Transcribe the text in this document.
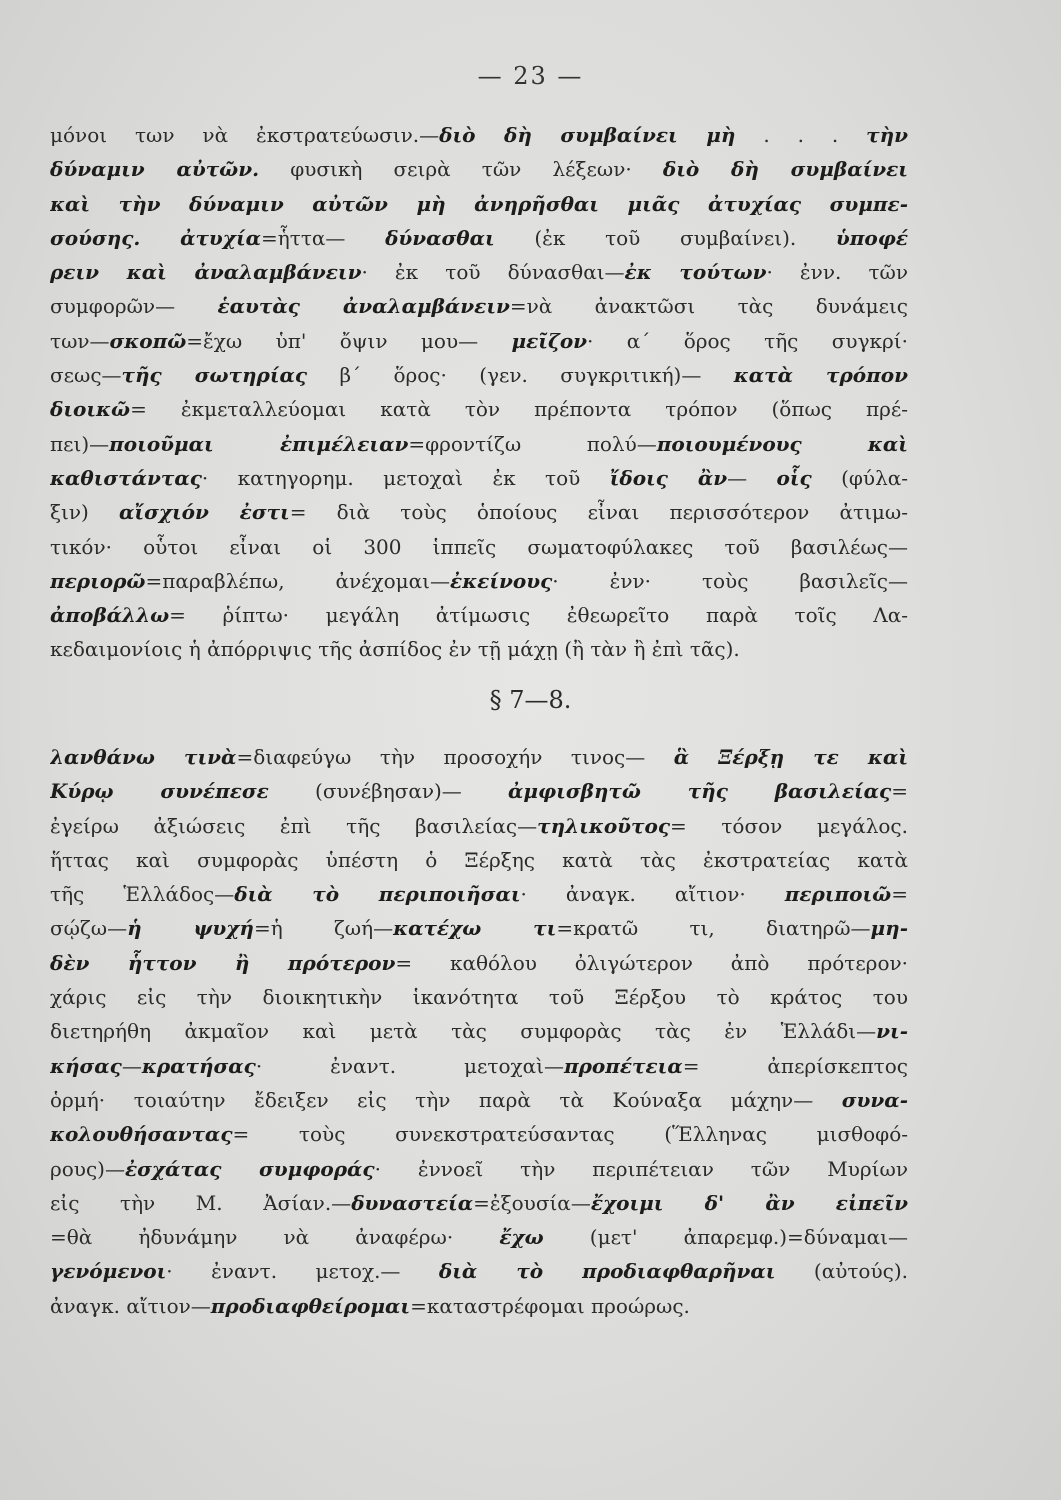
— 23 —
μόνοι των νὰ ἐκστρατεύωσιν.—διὸ δὴ συμβαίνει μὴ . . . τὴν
δύναμιν αὐτῶν. φυσικὴ σειρὰ τῶν λέξεων· διὸ δὴ συμβαίνει
καὶ τὴν δύναμιν αὐτῶν μὴ ἀνηρῆσθαι μιᾶς ἀτυχίας συμπε-
σούσης. ἀτυχία=ἧττα— δύνασθαι (ἐκ τοῦ συμβαίνει). ὑποφέ
ρειν καὶ ἀναλαμβάνειν· ἐκ τοῦ δύνασθαι—ἐκ τούτων· ἐνν. τῶν
συμφορῶν— ἑαυτὰς ἀναλαμβάνειν=νὰ ἀνακτῶσι τὰς δυνάμεις
των—σκοπῶ=ἔχω ὑπ' ὄψιν μου— μεῖζον· α΄ ὅρος τῆς συγκρί·
σεως—τῆς σωτηρίας β΄ ὅρος· (γεν. συγκριτική)— κατὰ τρόπον
διοικῶ= ἐκμεταλλεύομαι κατὰ τὸν πρέποντα τρόπον (ὅπως πρέ-
πει)—ποιοῦμαι ἐπιμέλειαν=φροντίζω πολύ—ποιουμένους καὶ
καθιστάντας· κατηγορημ. μετοχαὶ ἐκ τοῦ ἴδοις ἂν— οἷς (φύλα-
ξιν) αἴσχιόν ἐστι= διὰ τοὺς ὁποίους εἶναι περισσότερον ἀτιμω-
τικόν· οὗτοι εἶναι οἱ 300 ἱππεῖς σωματοφύλακες τοῦ βασιλέως—
περιορῶ=παραβλέπω, ἀνέχομαι—ἐκείνους· ἐνν· τοὺς βασιλεῖς—
ἀποβάλλω= ῥίπτω· μεγάλη ἀτίμωσις ἐθεωρεῖτο παρὰ τοῖς Λα-
κεδαιμονίοις ἡ ἀπόρριψις τῆς ἀσπίδος ἐν τῇ μάχῃ (ἢ τὰν ἢ ἐπὶ τᾶς).
§ 7—8.
λανθάνω τινὰ=διαφεύγω τὴν προσοχήν τινος— ἃ Ξέρξῃ τε καὶ
Κύρῳ συνέπεσε (συνέβησαν)— ἀμφισβητῶ τῆς βασιλείας=
ἐγείρω ἀξιώσεις ἐπὶ τῆς βασιλείας—τηλικοῦτος= τόσον μεγάλος.
ἥττας καὶ συμφορὰς ὑπέστη ὁ Ξέρξης κατὰ τὰς ἐκστρατείας κατὰ
τῆς Ἑλλάδος—διὰ τὸ περιποιῆσαι· ἀναγκ. αἴτιον· περιποιῶ=
σῴζω—ἡ ψυχή=ἡ ζωή—κατέχω τι=κρατῶ τι, διατηρῶ—μη-
δὲν ἧττον ἢ πρότερον= καθόλου ὀλιγώτερον ἀπὸ πρότερον·
χάρις εἰς τὴν διοικητικὴν ἱκανότητα τοῦ Ξέρξου τὸ κράτος του
διετηρήθη ἀκμαῖον καὶ μετὰ τὰς συμφορὰς τὰς ἐν Ἑλλάδι—νι-
κήσας—κρατήσας· ἐναντ. μετοχαὶ—προπέτεια= ἀπερίσκεπτος
ὁρμή· τοιαύτην ἔδειξεν εἰς τὴν παρὰ τὰ Κούναξα μάχην— συνα-
κολουθήσαντας= τοὺς συνεκστρατεύσαντας (Ἕλληνας μισθοφό-
ρους)—ἐσχάτας συμφοράς· ἐννοεῖ τὴν περιπέτειαν τῶν Μυρίων
εἰς τὴν Μ. Ἀσίαν.—δυναστεία=ἐξουσία—ἔχοιμι δ' ἂν εἰπεῖν
=θὰ ἠδυνάμην νὰ ἀναφέρω· ἔχω (μετ' ἀπαρεμφ.)=δύναμαι—
γενόμενοι· ἐναντ. μετοχ.— διὰ τὸ προδιαφθαρῆναι (αὐτούς).
ἀναγκ. αἴτιον—προδιαφθείρομαι=καταστρέφομαι προώρως.
